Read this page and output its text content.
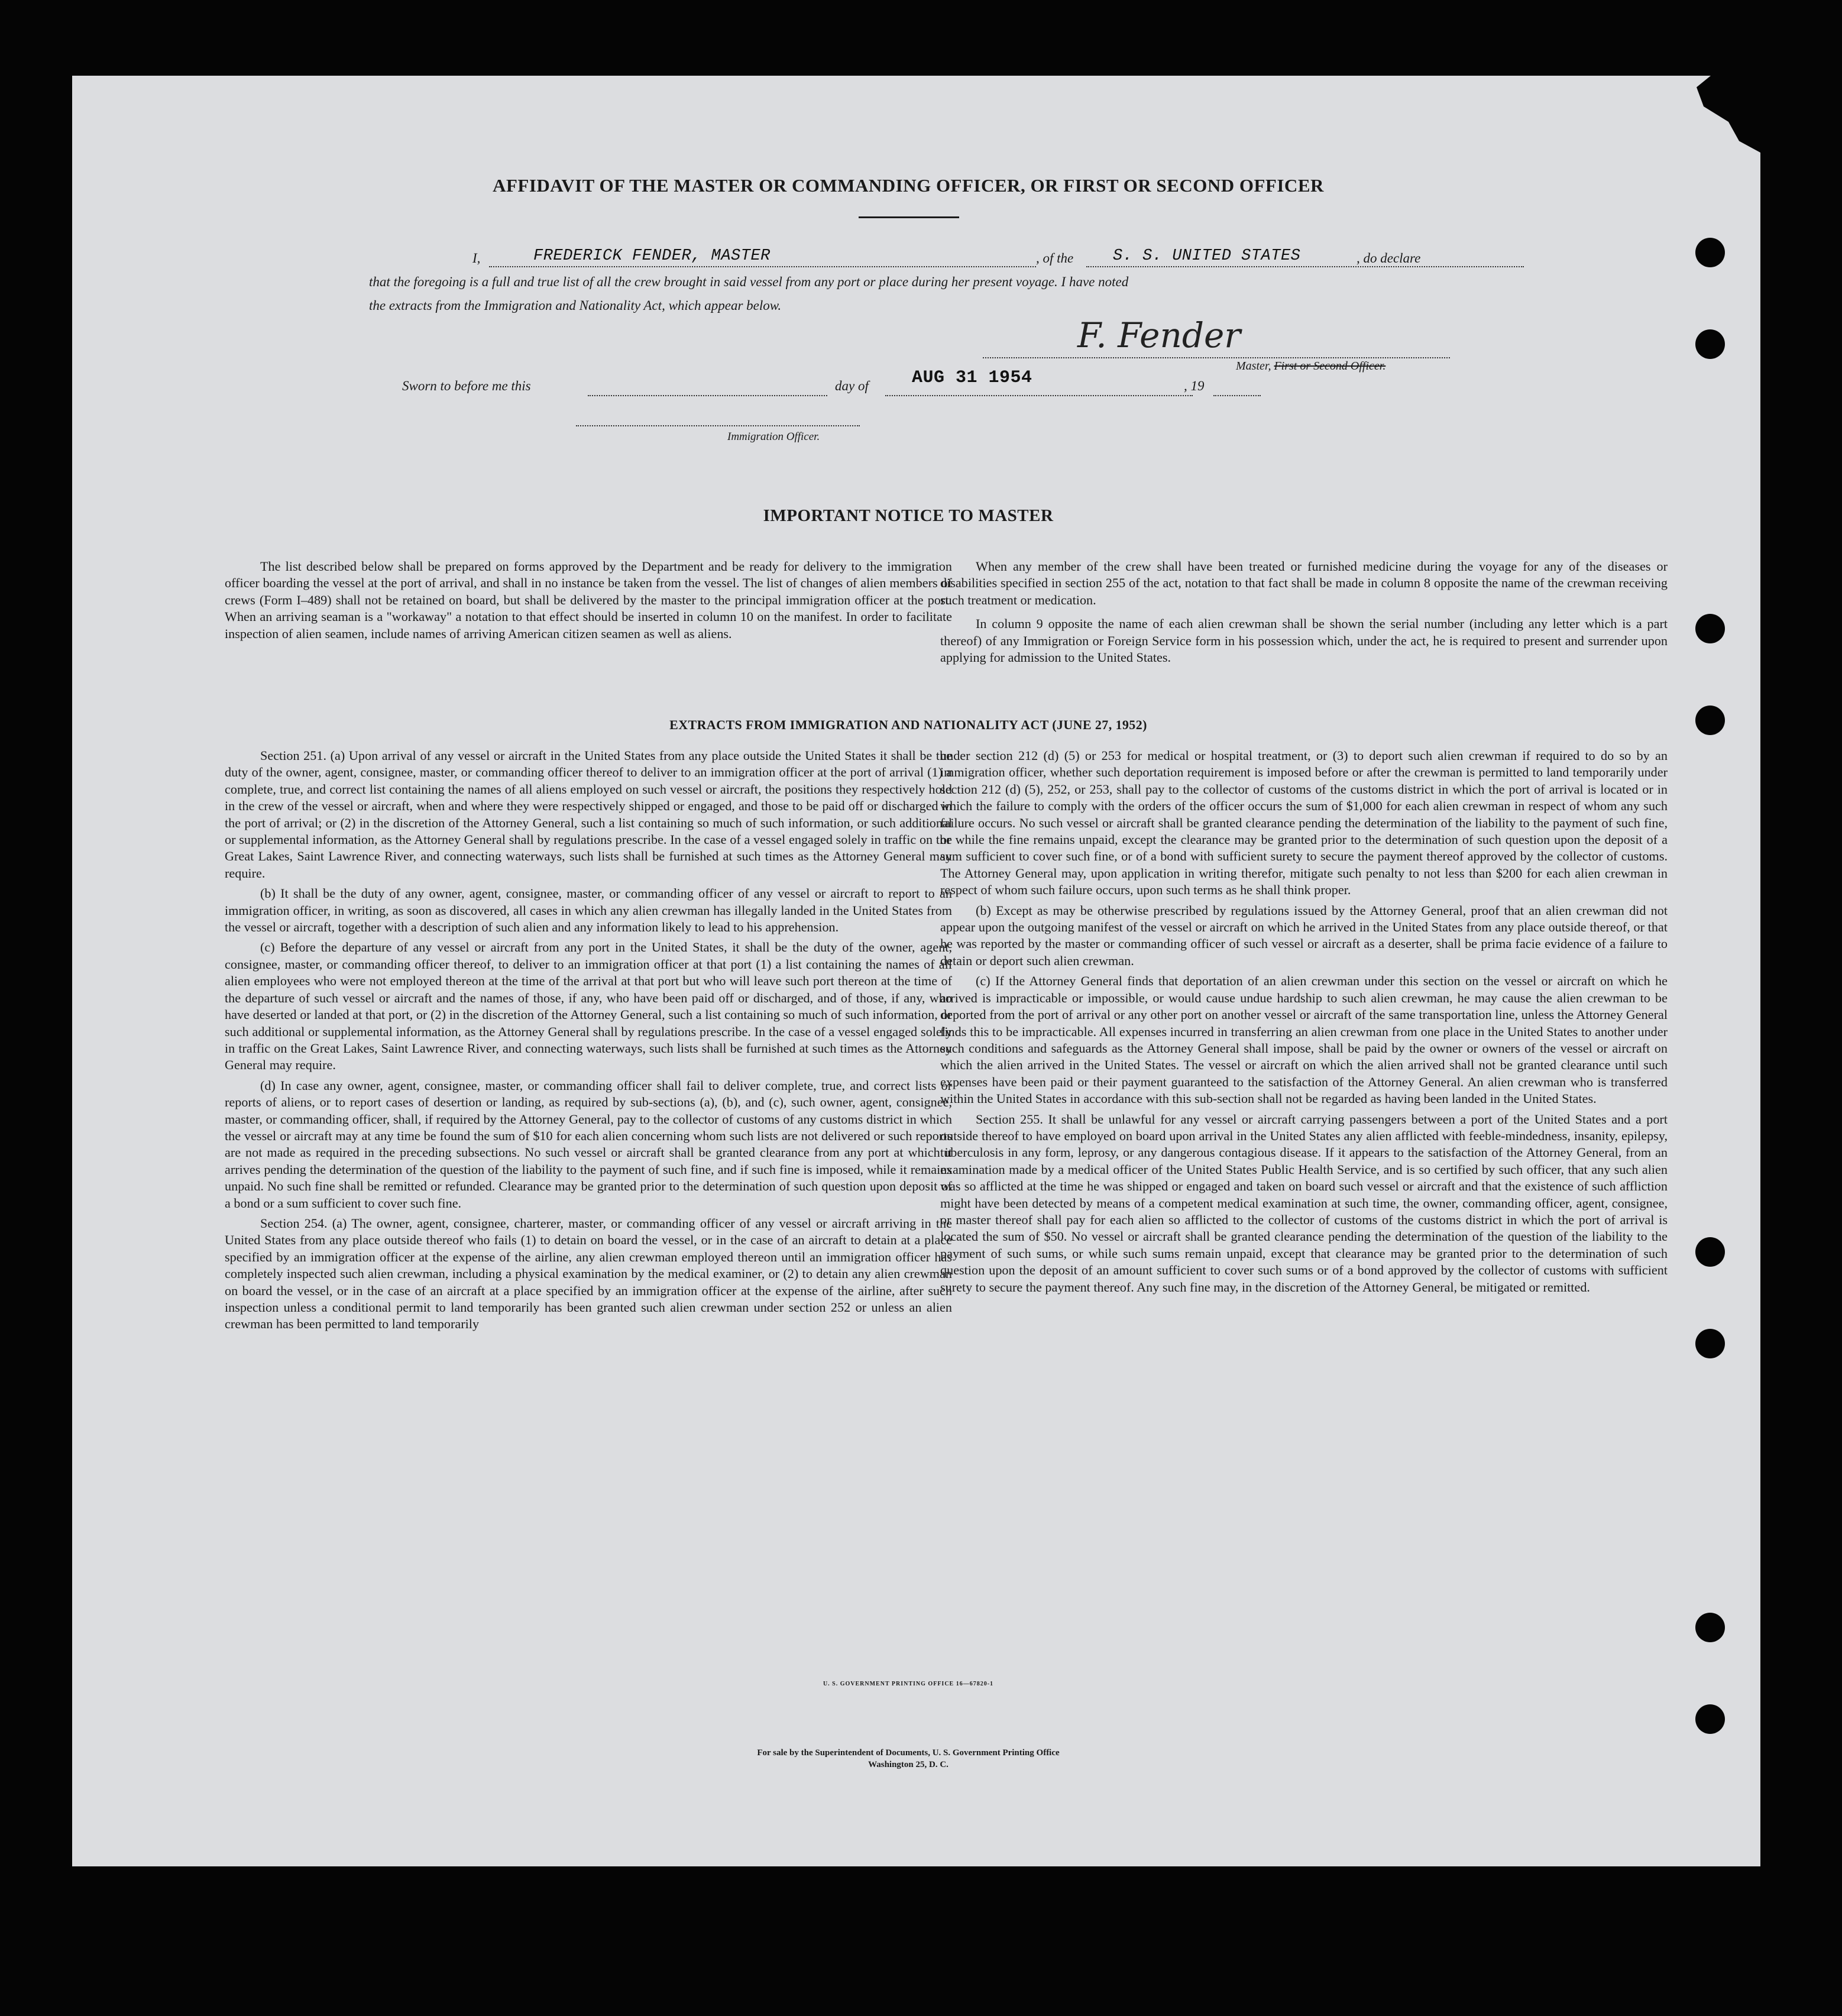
AFFIDAVIT OF THE MASTER OR COMMANDING OFFICER, OR FIRST OR SECOND OFFICER
I,	FREDERICK FENDER, MASTER	, of the S. S. UNITED STATES	, do declare
that the foregoing is a full and true list of all the crew brought in said vessel from any port or place during her present voyage. I have noted
the extracts from the Immigration and Nationality Act, which appear below.
F. Fender
Master, First or Second Officer.
Sworn to before me this	day of AUG 31 1954	, 19
Immigration Officer.
IMPORTANT NOTICE TO MASTER

The list described below shall be prepared on forms approved by the Department and be ready for delivery to the immigration officer boarding the vessel at the port of arrival, and shall in no instance be taken from the vessel. The list of changes of alien members of crews (Form I–489) shall not be retained on board, but shall be delivered by the master to the principal immigration officer at the port. When an arriving seaman is a "workaway" a notation to that effect should be inserted in column 10 on the manifest. In order to facilitate inspection of alien seamen, include names of arriving American citizen seamen as well as aliens.

When any member of the crew shall have been treated or furnished medicine during the voyage for any of the diseases or disabilities specified in section 255 of the act, notation to that fact shall be made in column 8 opposite the name of the crewman receiving such treatment or medication.

In column 9 opposite the name of each alien crewman shall be shown the serial number (including any letter which is a part thereof) of any Immigration or Foreign Service form in his possession which, under the act, he is required to present and surrender upon applying for admission to the United States.

EXTRACTS FROM IMMIGRATION AND NATIONALITY ACT (JUNE 27, 1952)

Section 251. (a) Upon arrival of any vessel or aircraft in the United States from any place outside the United States it shall be the duty of the owner, agent, consignee, master, or commanding officer thereof to deliver to an immigration officer at the port of arrival (1) a complete, true, and correct list containing the names of all aliens employed on such vessel or aircraft, the positions they respectively hold in the crew of the vessel or aircraft, when and where they were respectively shipped or engaged, and those to be paid off or discharged in the port of arrival; or (2) in the discretion of the Attorney General, such a list containing so much of such information, or such additional or supplemental information, as the Attorney General shall by regulations prescribe. In the case of a vessel engaged solely in traffic on the Great Lakes, Saint Lawrence River, and connecting waterways, such lists shall be furnished at such times as the Attorney General may require.

(b) It shall be the duty of any owner, agent, consignee, master, or commanding officer of any vessel or aircraft to report to an immigration officer, in writing, as soon as discovered, all cases in which any alien crewman has illegally landed in the United States from the vessel or aircraft, together with a description of such alien and any information likely to lead to his apprehension.

(c) Before the departure of any vessel or aircraft from any port in the United States, it shall be the duty of the owner, agent, consignee, master, or commanding officer thereof, to deliver to an immigration officer at that port (1) a list containing the names of all alien employees who were not employed thereon at the time of the arrival at that port but who will leave such port thereon at the time of the departure of such vessel or aircraft and the names of those, if any, who have been paid off or discharged, and of those, if any, who have deserted or landed at that port, or (2) in the discretion of the Attorney General, such a list containing so much of such information, or such additional or supplemental information, as the Attorney General shall by regulations prescribe. In the case of a vessel engaged solely in traffic on the Great Lakes, Saint Lawrence River, and connecting waterways, such lists shall be furnished at such times as the Attorney General may require.

(d) In case any owner, agent, consignee, master, or commanding officer shall fail to deliver complete, true, and correct lists or reports of aliens, or to report cases of desertion or landing, as required by sub-sections (a), (b), and (c), such owner, agent, consignee, master, or commanding officer, shall, if required by the Attorney General, pay to the collector of customs of any customs district in which the vessel or aircraft may at any time be found the sum of $10 for each alien concerning whom such lists are not delivered or such reports are not made as required in the preceding subsections. No such vessel or aircraft shall be granted clearance from any port at which it arrives pending the determination of the question of the liability to the payment of such fine, and if such fine is imposed, while it remains unpaid. No such fine shall be remitted or refunded. Clearance may be granted prior to the determination of such question upon deposit of a bond or a sum sufficient to cover such fine.

Section 254. (a) The owner, agent, consignee, charterer, master, or commanding officer of any vessel or aircraft arriving in the United States from any place outside thereof who fails (1) to detain on board the vessel, or in the case of an aircraft to detain at a place specified by an immigration officer at the expense of the airline, any alien crewman employed thereon until an immigration officer has completely inspected such alien crewman, including a physical examination by the medical examiner, or (2) to detain any alien crewman on board the vessel, or in the case of an aircraft at a place specified by an immigration officer at the expense of the airline, after such inspection unless a conditional permit to land temporarily has been granted such alien crewman under section 252 or unless an alien crewman has been permitted to land temporarily

under section 212 (d) (5) or 253 for medical or hospital treatment, or (3) to deport such alien crewman if required to do so by an immigration officer, whether such deportation requirement is imposed before or after the crewman is permitted to land temporarily under section 212 (d) (5), 252, or 253, shall pay to the collector of customs of the customs district in which the port of arrival is located or in which the failure to comply with the orders of the officer occurs the sum of $1,000 for each alien crewman in respect of whom any such failure occurs. No such vessel or aircraft shall be granted clearance pending the determination of the liability to the payment of such fine, or while the fine remains unpaid, except the clearance may be granted prior to the determination of such question upon the deposit of a sum sufficient to cover such fine, or of a bond with sufficient surety to secure the payment thereof approved by the collector of customs. The Attorney General may, upon application in writing therefor, mitigate such penalty to not less than $200 for each alien crewman in respect of whom such failure occurs, upon such terms as he shall think proper.

(b) Except as may be otherwise prescribed by regulations issued by the Attorney General, proof that an alien crewman did not appear upon the outgoing manifest of the vessel or aircraft on which he arrived in the United States from any place outside thereof, or that he was reported by the master or commanding officer of such vessel or aircraft as a deserter, shall be prima facie evidence of a failure to detain or deport such alien crewman.

(c) If the Attorney General finds that deportation of an alien crewman under this section on the vessel or aircraft on which he arrived is impracticable or impossible, or would cause undue hardship to such alien crewman, he may cause the alien crewman to be deported from the port of arrival or any other port on another vessel or aircraft of the same transportation line, unless the Attorney General finds this to be impracticable. All expenses incurred in transferring an alien crewman from one place in the United States to another under such conditions and safeguards as the Attorney General shall impose, shall be paid by the owner or owners of the vessel or aircraft on which the alien arrived in the United States. The vessel or aircraft on which the alien arrived shall not be granted clearance until such expenses have been paid or their payment guaranteed to the satisfaction of the Attorney General. An alien crewman who is transferred within the United States in accordance with this sub-section shall not be regarded as having been landed in the United States.

Section 255. It shall be unlawful for any vessel or aircraft carrying passengers between a port of the United States and a port outside thereof to have employed on board upon arrival in the United States any alien afflicted with feeble-mindedness, insanity, epilepsy, tuberculosis in any form, leprosy, or any dangerous contagious disease. If it appears to the satisfaction of the Attorney General, from an examination made by a medical officer of the United States Public Health Service, and is so certified by such officer, that any such alien was so afflicted at the time he was shipped or engaged and taken on board such vessel or aircraft and that the existence of such affliction might have been detected by means of a competent medical examination at such time, the owner, commanding officer, agent, consignee, or master thereof shall pay for each alien so afflicted to the collector of customs of the customs district in which the port of arrival is located the sum of $50. No vessel or aircraft shall be granted clearance pending the determination of the question of the liability to the payment of such sums, or while such sums remain unpaid, except that clearance may be granted prior to the determination of such question upon the deposit of an amount sufficient to cover such sums or of a bond approved by the collector of customs with sufficient surety to secure the payment thereof. Any such fine may, in the discretion of the Attorney General, be mitigated or remitted.

U. S. GOVERNMENT PRINTING OFFICE 16—67820-1
For sale by the Superintendent of Documents, U. S. Government Printing Office
Washington 25, D. C.
